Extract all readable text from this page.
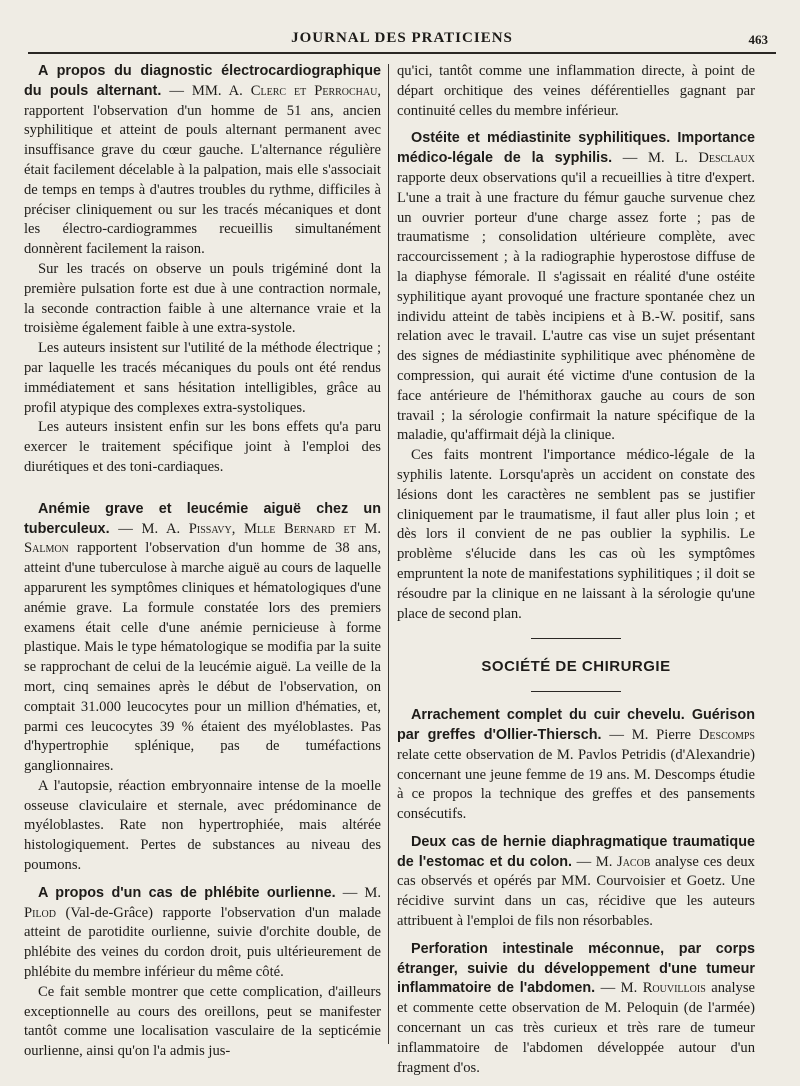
JOURNAL DES PRATICIENS	463

A propos du diagnostic électrocardiographique du pouls alternant. — MM. A. Clerc et Perrochau, rapportent l'observation d'un homme de 51 ans, ancien syphilitique et atteint de pouls alternant permanent avec insuffisance grave du cœur gauche. L'alternance régulière était facilement décelable à la palpation, mais elle s'associait de temps en temps à d'autres troubles du rythme, difficiles à préciser cliniquement ou sur les tracés mécaniques et dont les électro-cardiogrammes recueillis simultanément donnèrent facilement la raison.

Sur les tracés on observe un pouls trigéminé dont la première pulsation forte est due à une contraction normale, la seconde contraction faible à une alternance vraie et la troisième également faible à une extra-systole.

Les auteurs insistent sur l'utilité de la méthode électrique ; par laquelle les tracés mécaniques du pouls ont été rendus immédiatement et sans hésitation intelligibles, grâce au profil atypique des complexes extra-systoliques.

Les auteurs insistent enfin sur les bons effets qu'a paru exercer le traitement spécifique joint à l'emploi des diurétiques et des toni-cardiaques.

Anémie grave et leucémie aiguë chez un tuberculeux. — M. A. Pissavy, Mlle Bernard et M. Salmon rapportent l'observation d'un homme de 38 ans, atteint d'une tuberculose à marche aiguë au cours de laquelle apparurent les symptômes cliniques et hématologiques d'une anémie grave. La formule constatée lors des premiers examens était celle d'une anémie pernicieuse à forme plastique. Mais le type hématologique se modifia par la suite se rapprochant de celui de la leucémie aiguë. La veille de la mort, cinq semaines après le début de l'observation, on comptait 31.000 leucocytes pour un million d'hématies, et, parmi ces leucocytes 39 % étaient des myéloblastes. Pas d'hypertrophie splénique, pas de tuméfactions ganglionnaires.

A l'autopsie, réaction embryonnaire intense de la moelle osseuse claviculaire et sternale, avec prédominance de myéloblastes. Rate non hypertrophiée, mais altérée histologiquement. Pertes de substances au niveau des poumons.

A propos d'un cas de phlébite ourlienne. — M. Pilod (Val-de-Grâce) rapporte l'observation d'un malade atteint de parotidite ourlienne, suivie d'orchite double, de phlébite des veines du cordon droit, puis ultérieurement de phlébite du membre inférieur du même côté.

Ce fait semble montrer que cette complication, d'ailleurs exceptionnelle au cours des oreillons, peut se manifester tantôt comme une localisation vasculaire de la septicémie ourlienne, ainsi qu'on l'a admis jus-

qu'ici, tantôt comme une inflammation directe, à point de départ orchitique des veines déférentielles gagnant par continuité celles du membre inférieur.

Ostéite et médiastinite syphilitiques. Importance médico-légale de la syphilis. — M. L. Desclaux rapporte deux observations qu'il a recueillies à titre d'expert. L'une a trait à une fracture du fémur gauche survenue chez un ouvrier porteur d'une charge assez forte ; pas de traumatisme ; consolidation ultérieure complète, avec raccourcissement ; à la radiographie hyperostose diffuse de la diaphyse fémorale. Il s'agissait en réalité d'une ostéite syphilitique ayant provoqué une fracture spontanée chez un individu atteint de tabès incipiens et à B.-W. positif, sans relation avec le travail. L'autre cas vise un sujet présentant des signes de médiastinite syphilitique avec phénomène de compression, qui aurait été victime d'une contusion de la face antérieure de l'hémithorax gauche au cours de son travail ; la sérologie confirmait la nature spécifique de la maladie, qu'affirmait déjà la clinique.

Ces faits montrent l'importance médico-légale de la syphilis latente. Lorsqu'après un accident on constate des lésions dont les caractères ne semblent pas se justifier cliniquement par le traumatisme, il faut aller plus loin ; et dès lors il convient de ne pas oublier la syphilis. Le problème s'élucide dans les cas où les symptômes empruntent la note de manifestations syphilitiques ; il doit se résoudre par la clinique en ne laissant à la sérologie qu'une place de second plan.

SOCIÉTÉ DE CHIRURGIE

Arrachement complet du cuir chevelu. Guérison par greffes d'Ollier-Thiersch. — M. Pierre Descomps relate cette observation de M. Pavlos Petridis (d'Alexandrie) concernant une jeune femme de 19 ans. M. Descomps étudie à ce propos la technique des greffes et des pansements consécutifs.

Deux cas de hernie diaphragmatique traumatique de l'estomac et du colon. — M. Jacob analyse ces deux cas observés et opérés par MM. Courvoisier et Goetz. Une récidive survint dans un cas, récidive que les auteurs attribuent à l'emploi de fils non résorbables.

Perforation intestinale méconnue, par corps étranger, suivie du développement d'une tumeur inflammatoire de l'abdomen. — M. Rouvillois analyse et commente cette observation de M. Peloquin (de l'armée) concernant un cas très curieux et très rare de tumeur inflammatoire de l'abdomen développée autour d'un fragment d'os.
